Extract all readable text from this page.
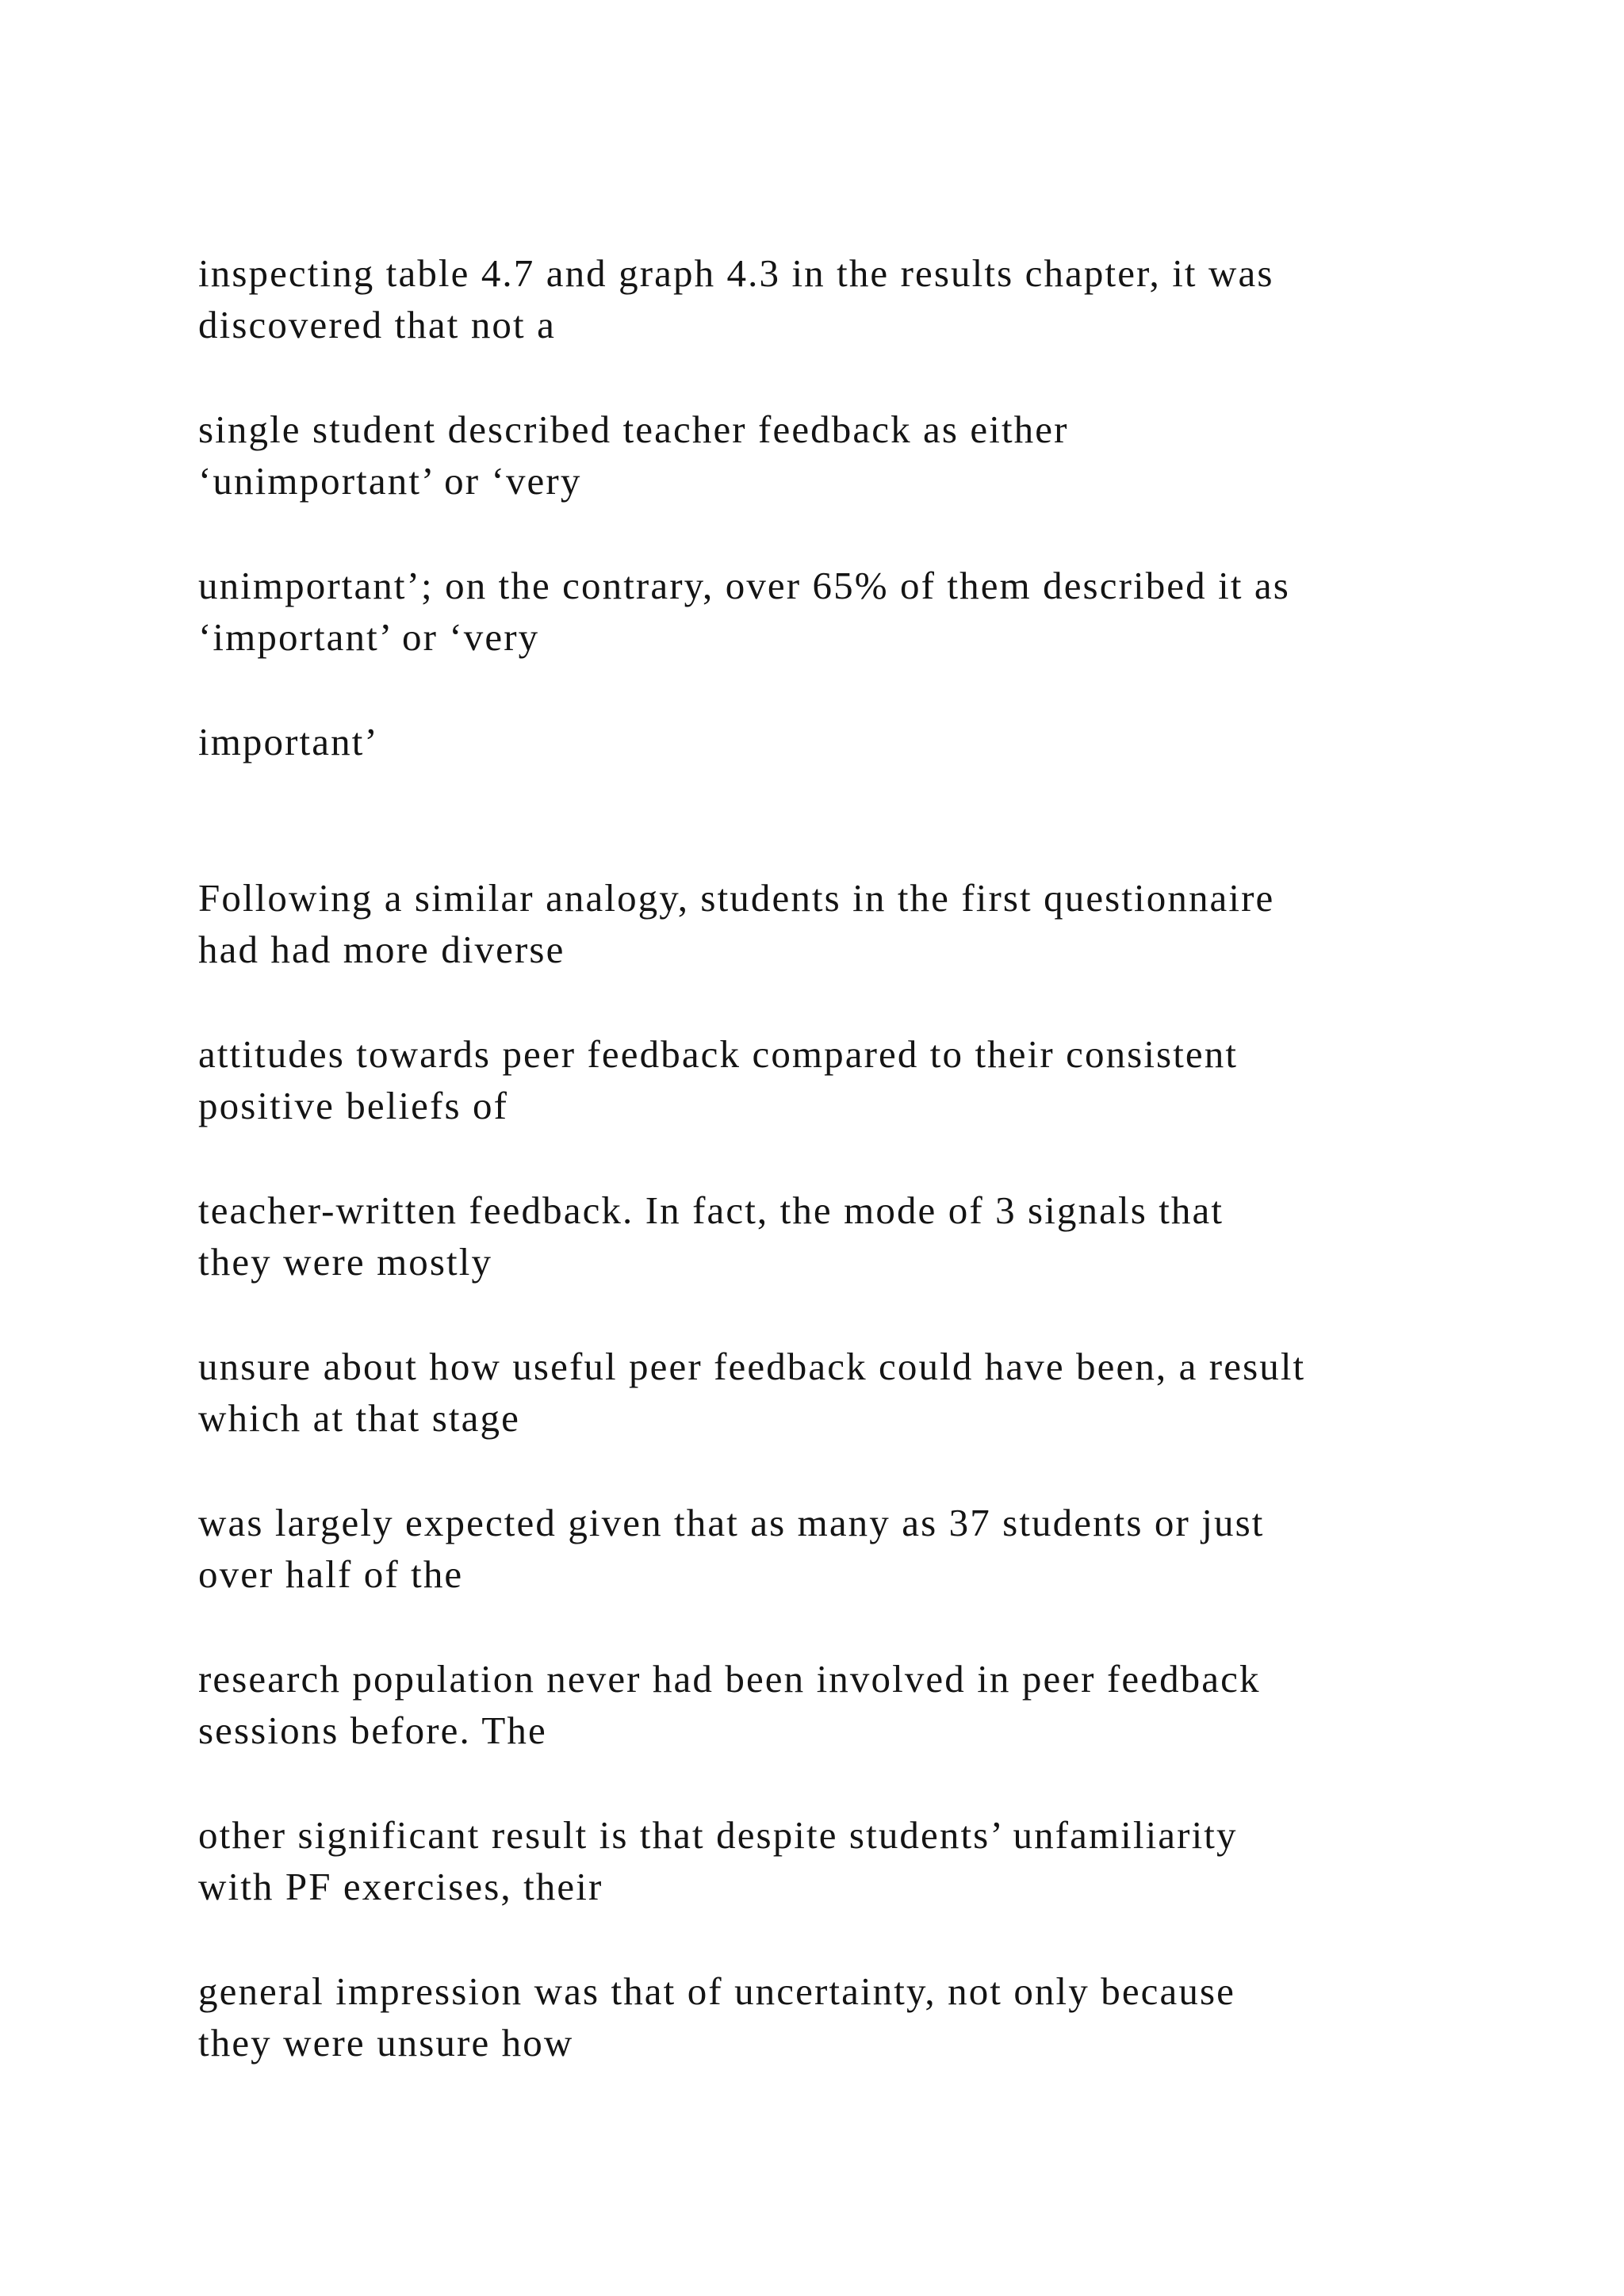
inspecting table 4.7 and graph 4.3 in the results chapter, it was
discovered that not a

single student described teacher feedback as either
‘unimportant’ or ‘very

unimportant’; on the contrary, over 65% of them described it as
‘important’ or ‘very

important’

Following a similar analogy, students in the first questionnaire
had had more diverse

attitudes towards peer feedback compared to their consistent
positive beliefs of

teacher-written feedback. In fact, the mode of 3 signals that
they were mostly

unsure about how useful peer feedback could have been, a result
which at that stage

was largely expected given that as many as 37 students or just
over half of the

research population never had been involved in peer feedback
sessions before. The

other significant result is that despite students’ unfamiliarity
with PF exercises, their

general impression was that of uncertainty, not only because
they were unsure how
